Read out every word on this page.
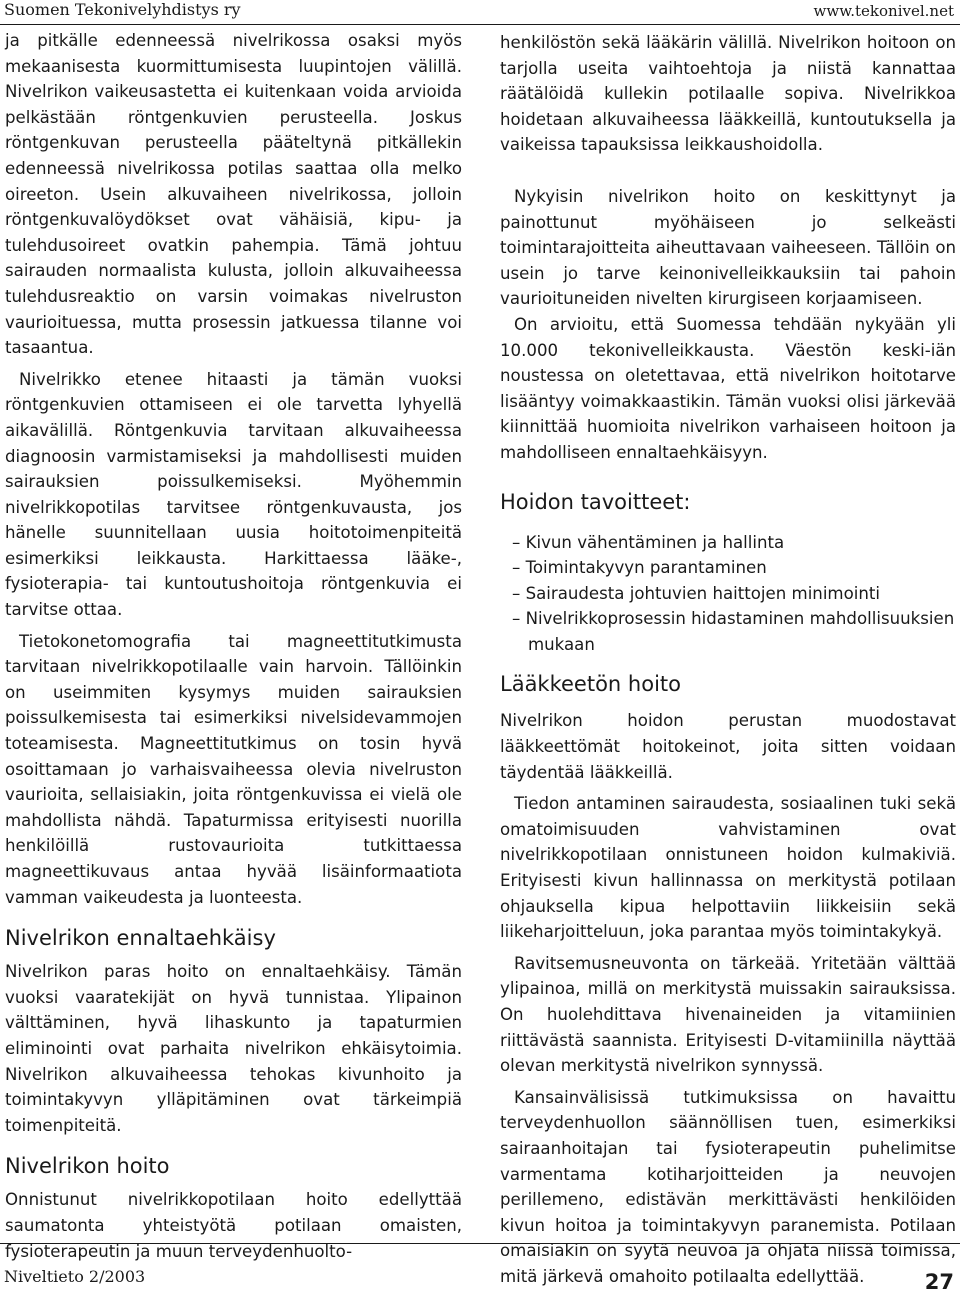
Suomen Tekonivelyhdistys ry	www.tekonivel.net

ja pitkälle edenneessä nivelrikossa osaksi myös mekaanisesta kuormittumisesta luupintojen välillä. Nivelrikon vaikeusastetta ei kuitenkaan voida arvioida pelkästään röntgenkuvien perusteella. Joskus röntgenkuvan perusteella pääteltynä pitkällekin edenneessä nivelrikossa potilas saattaa olla melko oireeton. Usein alkuvaiheen nivelrikossa, jolloin röntgenkuvalöydökset ovat vähäisiä, kipu- ja tulehdusoireet ovatkin pahempia. Tämä johtuu sairauden normaalista kulusta, jolloin alkuvaiheessa tulehdusreaktio on varsin voimakas nivelruston vaurioituessa, mutta prosessin jatkuessa tilanne voi tasaantua.

Nivelrikko etenee hitaasti ja tämän vuoksi röntgenkuvien ottamiseen ei ole tarvetta lyhyellä aikavälillä. Röntgenkuvia tarvitaan alkuvaiheessa diagnoosin varmistamiseksi ja mahdollisesti muiden sairauksien poissulkemiseksi. Myöhemmin nivelrikkopotilas tarvitsee röntgenkuvausta, jos hänelle suunnitellaan uusia hoitotoimenpiteitä esimerkiksi leikkausta. Harkittaessa lääke-, fysioterapia- tai kuntoutushoitoja röntgenkuvia ei tarvitse ottaa.

Tietokonetomografia tai magneettitutkimusta tarvitaan nivelrikkopotilaalle vain harvoin. Tällöinkin on useimmiten kysymys muiden sairauksien poissulkemisesta tai esimerkiksi nivelsidevammojen toteamisesta. Magneettitutkimus on tosin hyvä osoittamaan jo varhaisvaiheessa olevia nivelruston vaurioita, sellaisiakin, joita röntgenkuvissa ei vielä ole mahdollista nähdä. Tapaturmissa erityisesti nuorilla henkilöillä rustovaurioita tutkittaessa magneettikuvaus antaa hyvää lisäinformaatiota vamman vaikeudesta ja luonteesta.

Nivelrikon ennaltaehkäisy

Nivelrikon paras hoito on ennaltaehkäisy. Tämän vuoksi vaaratekijät on hyvä tunnistaa. Ylipainon välttäminen, hyvä lihaskunto ja tapaturmien eliminointi ovat parhaita nivelrikon ehkäisytoimia. Nivelrikon alkuvaiheessa tehokas kivunhoito ja toimintakyvyn ylläpitäminen ovat tärkeimpiä toimenpiteitä.

Nivelrikon hoito

Onnistunut nivelrikkopotilaan hoito edellyttää saumatonta yhteistyötä potilaan omaisten, fysioterapeutin ja muun terveydenhuolto-

henkilöstön sekä lääkärin välillä. Nivelrikon hoitoon on tarjolla useita vaihtoehtoja ja niistä kannattaa räätälöidä kullekin potilaalle sopiva. Nivelrikkoa hoidetaan alkuvaiheessa lääkkeillä, kuntoutuksella ja vaikeissa tapauksissa leikkaushoidolla.

Nykyisin nivelrikon hoito on keskittynyt ja painottunut myöhäiseen jo selkeästi toimintarajoitteita aiheuttavaan vaiheeseen. Tällöin on usein jo tarve keinonivelleikkauksiin tai pahoin vaurioituneiden nivelten kirurgiseen korjaamiseen.

On arvioitu, että Suomessa tehdään nykyään yli 10.000 tekonivelleikkausta. Väestön keski-iän noustessa on oletettavaa, että nivelrikon hoitotarve lisääntyy voimakkaastikin. Tämän vuoksi olisi järkevää kiinnittää huomioita nivelrikon varhaiseen hoitoon ja mahdolliseen ennaltaehkäisyyn.

Hoidon tavoitteet:
– Kivun vähentäminen ja hallinta
– Toimintakyvyn parantaminen
– Sairaudesta johtuvien haittojen minimointi
– Nivelrikkoprosessin hidastaminen mahdollisuuksien mukaan
Lääkkeetön hoito

Nivelrikon hoidon perustan muodostavat lääkkeettömät hoitokeinot, joita sitten voidaan täydentää lääkkeillä.

Tiedon antaminen sairaudesta, sosiaalinen tuki sekä omatoimisuuden vahvistaminen ovat nivelrikkopotilaan onnistuneen hoidon kulmakiviä. Erityisesti kivun hallinnassa on merkitystä potilaan ohjauksella kipua helpottaviin liikkeisiin sekä liikeharjoitteluun, joka parantaa myös toimintakykyä.

Ravitsemusneuvonta on tärkeää. Yritetään välttää ylipainoa, millä on merkitystä muissakin sairauksissa. On huolehdittava hivenaineiden ja vitamiinien riittävästä saannista. Erityisesti D-vitamiinilla näyttää olevan merkitystä nivelrikon synnyssä.

Kansainvälisissä tutkimuksissa on havaittu terveydenhuollon säännöllisen tuen, esimerkiksi sairaanhoitajan tai fysioterapeutin puhelimitse varmentama kotiharjoitteiden ja neuvojen perillemeno, edistävän merkittävästi henkilöiden kivun hoitoa ja toimintakyvyn paranemista. Potilaan omaisiakin on syytä neuvoa ja ohjata niissä toimissa, mitä järkevä omahoito potilaalta edellyttää.

Niveltieto 2/2003	27
